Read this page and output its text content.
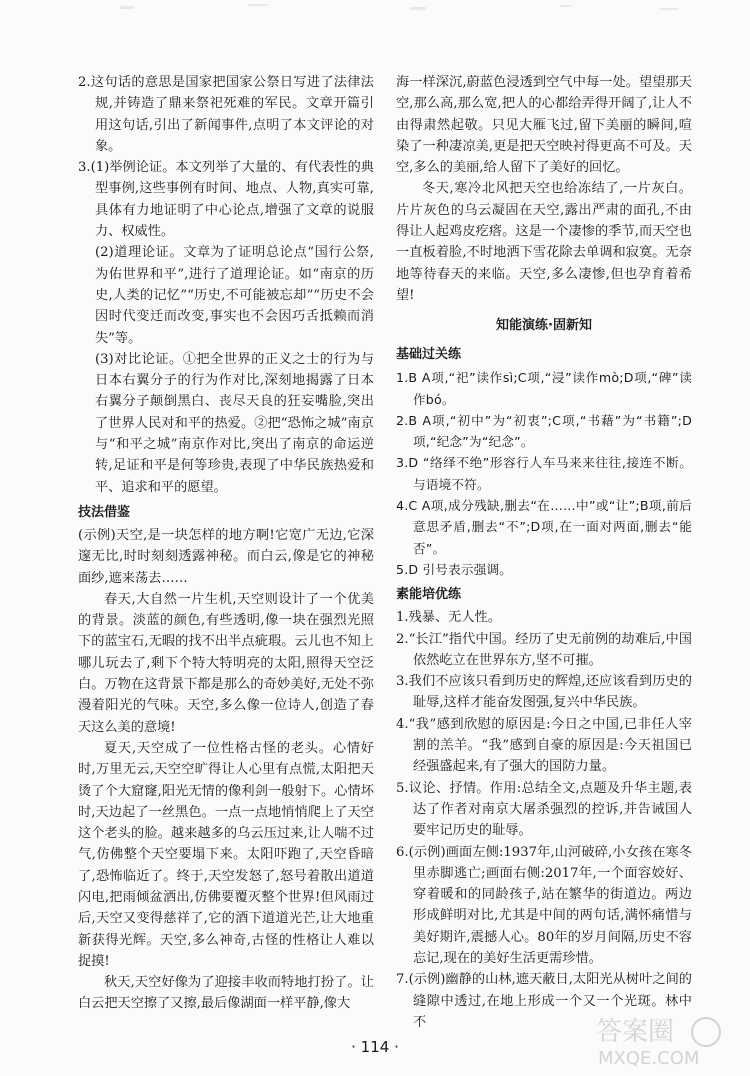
2.这句话的意思是国家把国家公祭日写进了法律法规,并铸造了鼎来祭祀死难的军民。文章开篇引用这句话,引出了新闻事件,点明了本文评论的对象。

3.(1)举例论证。本文列举了大量的、有代表性的典型事例,这些事例有时间、地点、人物,真实可靠,具体有力地证明了中心论点,增强了文章的说服力、权威性。

(2)道理论证。文章为了证明总论点“国行公祭,为佑世界和平”,进行了道理论证。如“南京的历史,人类的记忆”“历史,不可能被忘却”“历史不会因时代变迁而改变,事实也不会因巧舌抵赖而消失”等。

(3)对比论证。①把全世界的正义之士的行为与日本右翼分子的行为作对比,深刻地揭露了日本右翼分子颠倒黑白、丧尽天良的狂妄嘴脸,突出了世界人民对和平的热爱。②把“恐怖之城”南京与“和平之城”南京作对比,突出了南京的命运逆转,足证和平是何等珍贵,表现了中华民族热爱和平、追求和平的愿望。

技法借鉴

(示例)天空,是一块怎样的地方啊!它宽广无边,它深邃无比,时时刻刻透露神秘。而白云,像是它的神秘面纱,遮来荡去……

春天,大自然一片生机,天空则设计了一个优美的背景。淡蓝的颜色,有些透明,像一块在强烈光照下的蓝宝石,无暇的找不出半点疵瑕。云儿也不知上哪儿玩去了,剩下个特大特明亮的太阳,照得天空泛白。万物在这背景下都是那么的奇妙美好,无处不弥漫着阳光的气味。天空,多么像一位诗人,创造了春天这么美的意境!

夏天,天空成了一位性格古怪的老头。心情好时,万里无云,天空空旷得让人心里有点慌,太阳把天烫了个大窟窿,阳光无情的像利剑一般射下。心情坏时,天边起了一丝黑色。一点一点地悄悄爬上了天空这个老头的脸。越来越多的乌云压过来,让人喘不过气,仿佛整个天空要塌下来。太阳吓跑了,天空昏暗了,恐怖临近了。终于,天空发怒了,怒号着散出道道闪电,把雨倾盆洒出,仿佛要覆灭整个世界!但风雨过后,天空又变得慈祥了,它的酒下道道光芒,让大地重新获得光辉。天空,多么神奇,古怪的性格让人难以捉摸!

秋天,天空好像为了迎接丰收而特地打扮了。让白云把天空擦了又擦,最后像湖面一样平静,像大

海一样深沉,蔚蓝色浸透到空气中每一处。望望那天空,那么高,那么宽,把人的心都给弄得开阔了,让人不由得肃然起敬。只见大雁飞过,留下美丽的瞬间,喧染了一种凄凉美,更是把天空映衬得更高不可及。天空,多么的美丽,给人留下了美好的回忆。

冬天,寒冷北风把天空也给冻结了,一片灰白。片片灰色的乌云凝固在天空,露出严肃的面孔,不由得让人起鸡皮疙瘩。这是一个凄惨的季节,而天空也一直板着脸,不时地洒下雪花除去单调和寂寞。无奈地等待春天的来临。天空,多么凄惨,但也孕育着希望!

知能演练·固新知
基础过关练

1.B A项,“祀”读作sì;C项,“浸”读作mò;D项,“碑”读作bó。

2.B A项,“初中”为“初衷”;C项,“书藉”为“书籍”;D项,“纪念”为“纪念”。

3.D “络绎不绝”形容行人车马来来往往,接连不断。与语境不符。

4.C A项,成分残缺,删去“在……中”或“让”;B项,前后意思矛盾,删去“不”;D项,在一面对两面,删去“能否”。

5.D 引号表示强调。

素能培优练

1.残暴、无人性。

2.“长江”指代中国。经历了史无前例的劫难后,中国依然屹立在世界东方,坚不可摧。

3.我们不应该只看到历史的辉煌,还应该看到历史的耻辱,这样才能奋发图强,复兴中华民族。

4.“我”感到欣慰的原因是:今日之中国,已非任人宰割的羔羊。“我”感到自豪的原因是:今天祖国已经强盛起来,有了强大的国防力量。

5.议论、抒情。作用:总结全文,点题及升华主题,表达了作者对南京大屠杀强烈的控诉,并告诫国人要牢记历史的耻辱。

6.(示例)画面左侧:1937年,山河破碎,小女孩在寒冬里赤脚逃亡;画面右侧:2017年,一个面容姣好、穿着暖和的同龄孩子,站在繁华的街道边。两边形成鲜明对比,尤其是中间的两句话,满怀痛惜与美好期许,震撼人心。80年的岁月间隔,历史不容忘记,现在的美好生活更需珍惜。

7.(示例)幽静的山林,遮天蔽日,太阳光从树叶之间的缝隙中透过,在地上形成一个又一个光斑。林中不

· 114 ·	答案圈
MXQE.COM
